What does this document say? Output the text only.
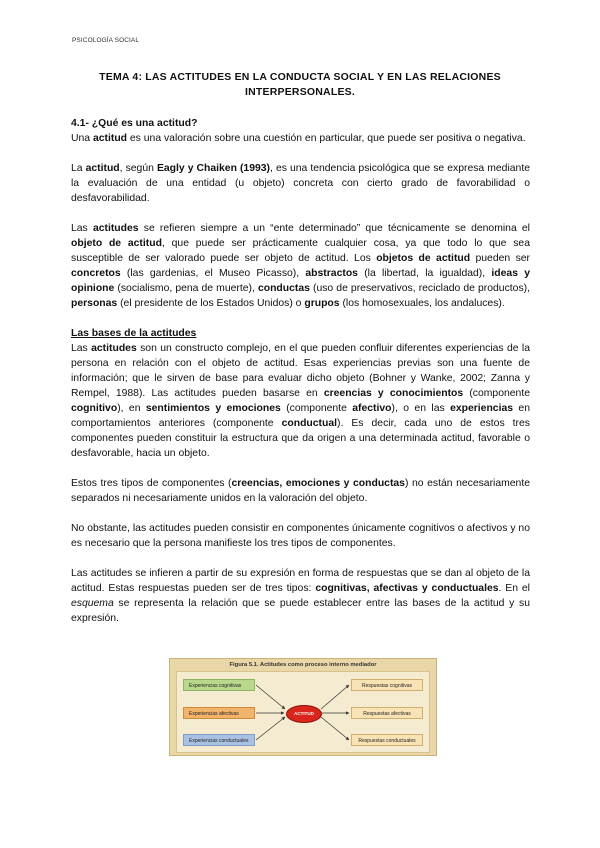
PSICOLOGÍA SOCIAL
TEMA 4: LAS ACTITUDES EN LA CONDUCTA SOCIAL Y EN LAS RELACIONES
INTERPERSONALES.
4.1- ¿Qué es una actitud?

Una actitud es una valoración sobre una cuestión en particular, que puede ser positiva o negativa.

La actitud, según Eagly y Chaiken (1993), es una tendencia psicológica que se expresa mediante la evaluación de una entidad (u objeto) concreta con cierto grado de favorabilidad o desfavorabilidad.

Las actitudes se refieren siempre a un “ente determinado” que técnicamente se denomina el objeto de actitud, que puede ser prácticamente cualquier cosa, ya que todo lo que sea susceptible de ser valorado puede ser objeto de actitud. Los objetos de actitud pueden ser concretos (las gardenias, el Museo Picasso), abstractos (la libertad, la igualdad), ideas y opinione (socialismo, pena de muerte), conductas (uso de preservativos, reciclado de productos), personas (el presidente de los Estados Unidos) o grupos (los homosexuales, los andaluces).

Las bases de la actitudes

Las actitudes son un constructo complejo, en el que pueden confluir diferentes experiencias de la persona en relación con el objeto de actitud. Esas experiencias previas son una fuente de información; que le sirven de base para evaluar dicho objeto (Bohner y Wanke, 2002; Zanna y Rempel, 1988). Las actitudes pueden basarse en creencias y conocimientos (componente cognitivo), en sentimientos y emociones (componente afectivo), o en las experiencias en comportamientos anteriores (componente conductual). Es decir, cada uno de estos tres componentes pueden constituir la estructura que da origen a una determinada actitud, favorable o desfavorable, hacia un objeto.

Estos tres tipos de componentes (creencias, emociones y conductas) no están necesariamente separados ni necesariamente unidos en la valoración del objeto.

No obstante, las actitudes pueden consistir en componentes únicamente cognitivos o afectivos y no es necesario que la persona manifieste los tres tipos de componentes.

Las actitudes se infieren a partir de su expresión en forma de respuestas que se dan al objeto de la actitud. Estas respuestas pueden ser de tres tipos: cognitivas, afectivas y conductuales. En el esquema se representa la relación que se puede establecer entre las bases de la actitud y su expresión.

Figura 5.1. Actitudes como proceso interno mediador
Experiencias cognitivas
Experiencias afectivas
Experiencias conductuales
ACTITUD
Respuestas cognitivas
Respuestas afectivas
Respuestas conductuales
